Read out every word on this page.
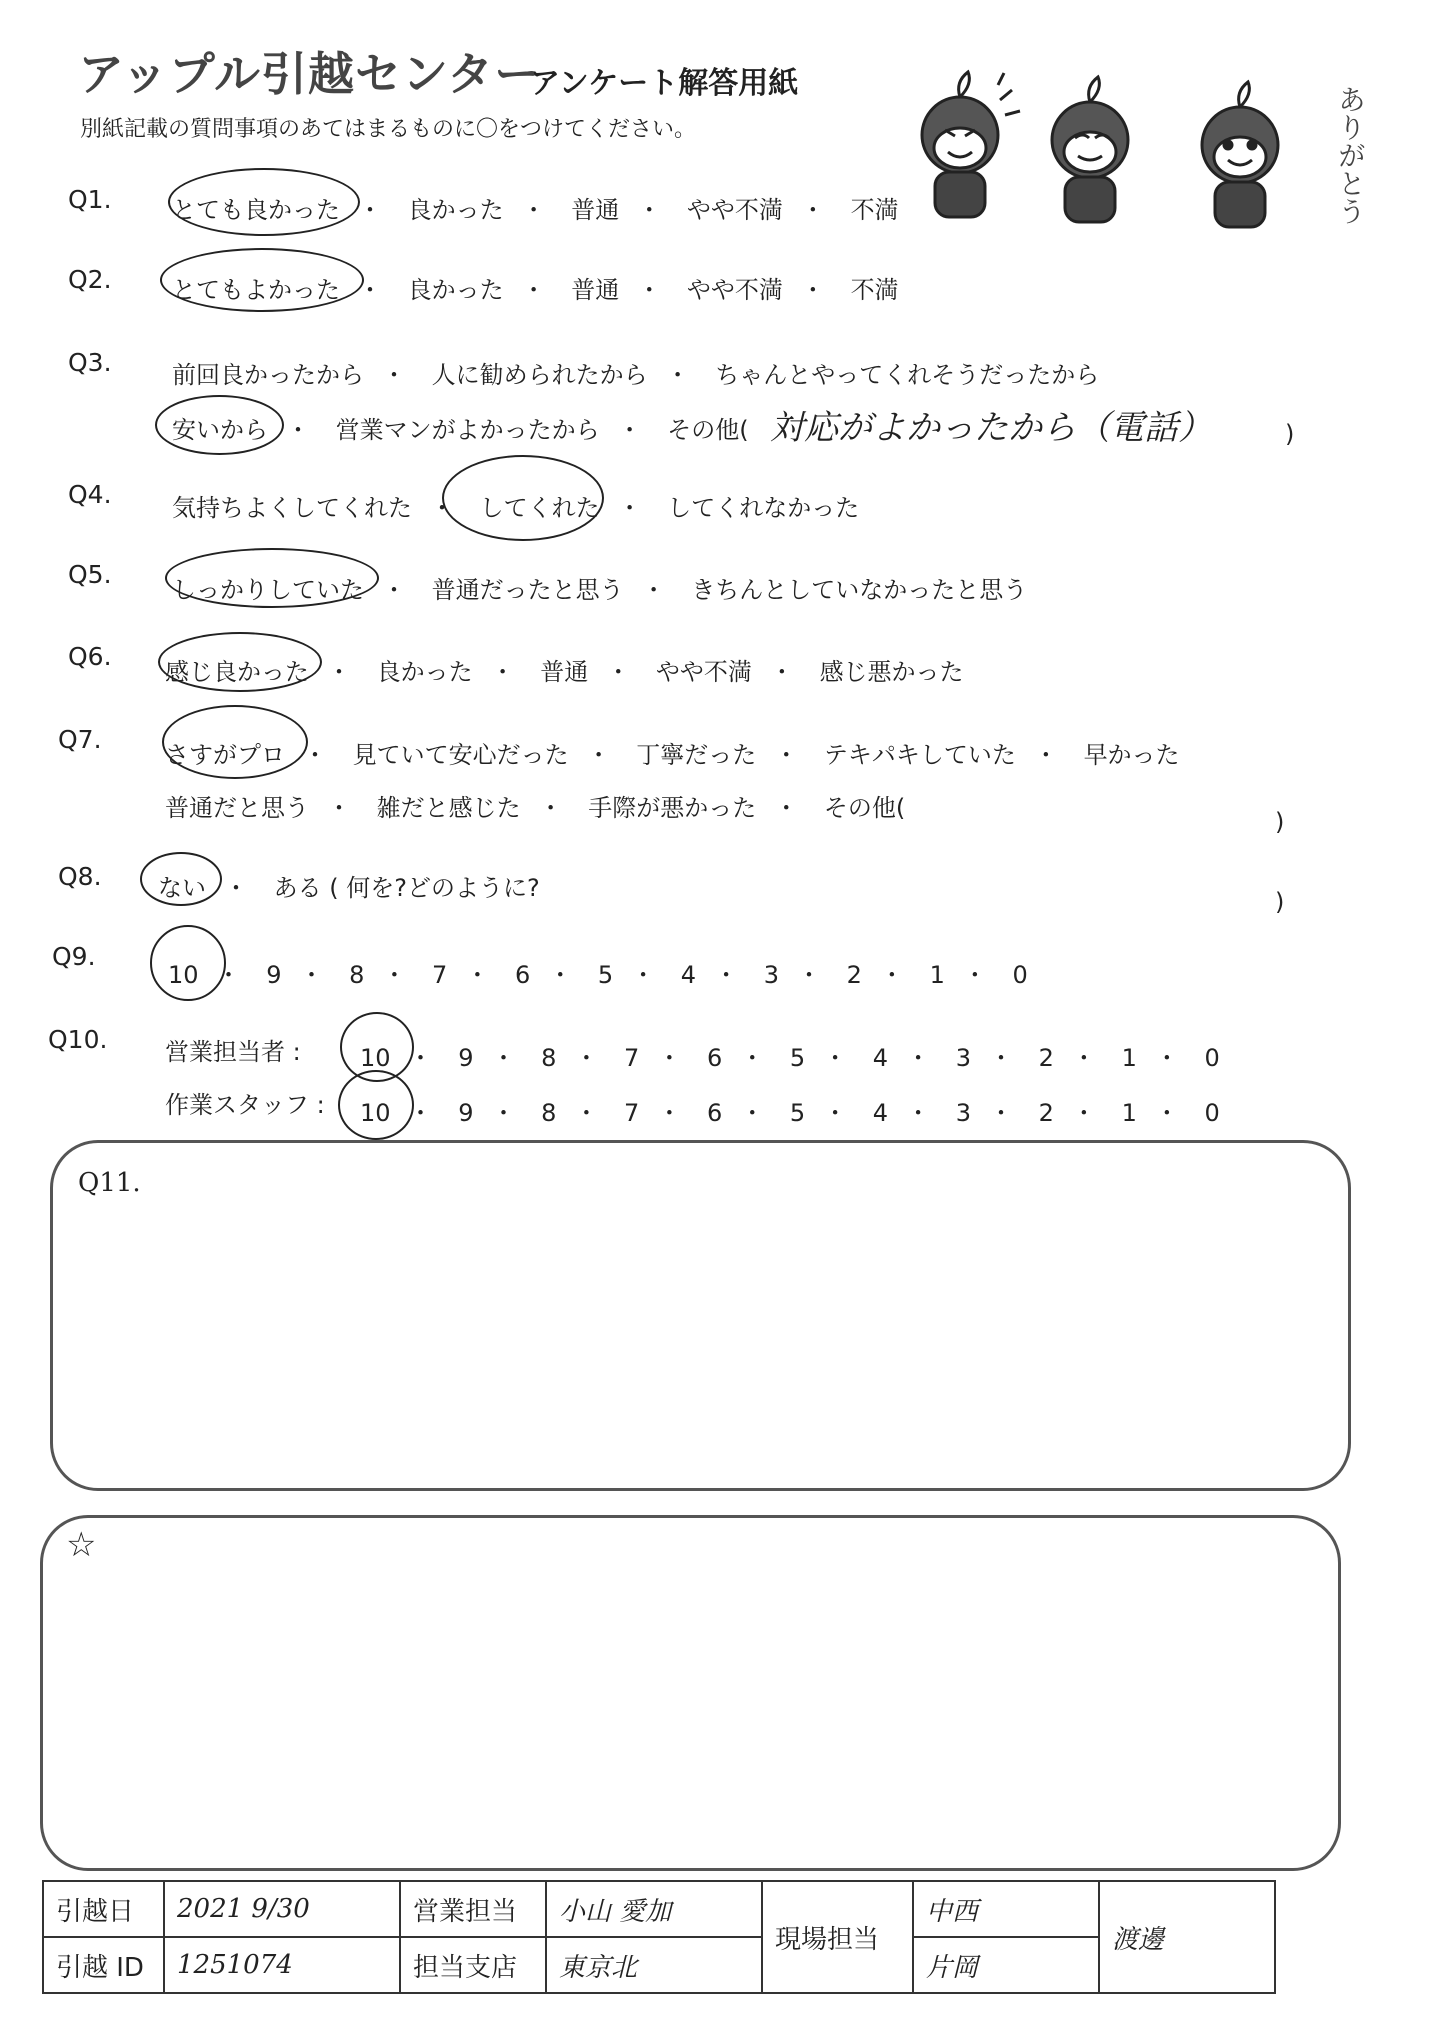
アップル引越センター
アンケート解答用紙
別紙記載の質問事項のあてはまるものに〇をつけてください。	ありがとう
Q1.	とても良かった ・ 良かった ・ 普通 ・ やや不満 ・ 不満
Q2.	とてもよかった ・ 良かった ・ 普通 ・ やや不満 ・ 不満
Q3.	前回良かったから ・ 人に勧められたから ・ ちゃんとやってくれそうだったから
安いから ・ 営業マンがよかったから ・ その他( 対応がよかったから（電話）	)
Q4.	気持ちよくしてくれた ・ してくれた ・ してくれなかった
Q5.
しっかりしていた ・ 普通だったと思う ・ きちんとしていなかったと思う
Q6.
感じ良かった ・ 良かった ・ 普通 ・ やや不満 ・ 感じ悪かった
Q7.
さすがプロ ・ 見ていて安心だった ・ 丁寧だった ・ テキパキしていた ・ 早かった
普通だと思う ・ 雑だと感じた ・ 手際が悪かった ・ その他(	)
Q8. ない ・ ある ( 何を?どのように?	)
Q9.
10 ・ 9 ・ 8 ・ 7 ・ 6 ・ 5 ・ 4 ・ 3 ・ 2 ・ 1 ・ 0
Q10. 営業担当者 : 10 ・ 9 ・ 8 ・ 7 ・ 6 ・ 5 ・ 4 ・ 3 ・ 2 ・ 1 ・ 0
作業スタッフ : 10 ・ 9 ・ 8 ・ 7 ・ 6 ・ 5 ・ 4 ・ 3 ・ 2 ・ 1 ・ 0
Q11.
☆
引越日	2021 9/30	営業担当	小山 愛加	現場担当	中西	渡邊
引越 ID	1251074	担当支店	東京北		片岡	
